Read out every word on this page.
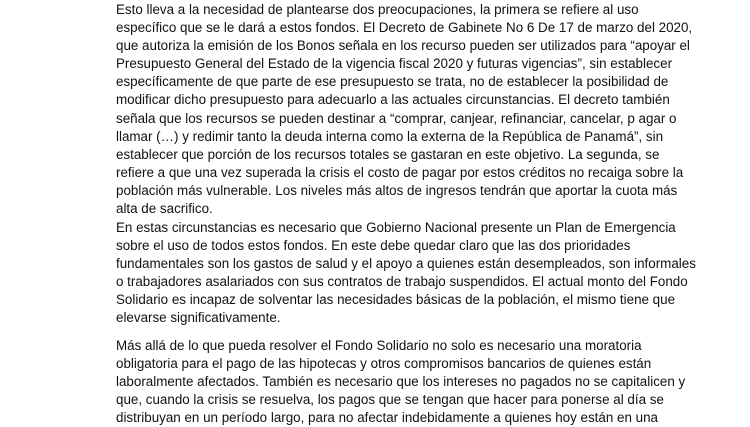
Esto lleva a la necesidad de plantearse dos preocupaciones, la primera se refiere al uso
específico que se le dará a estos fondos. El Decreto de Gabinete No 6 De 17 de marzo del 2020,
que autoriza la emisión de los Bonos señala en los recurso pueden ser utilizados para “apoyar el
Presupuesto General del Estado de la vigencia fiscal 2020 y futuras vigencias”, sin establecer
específicamente de que parte de ese presupuesto se trata, no de establecer la posibilidad de
modificar dicho presupuesto para adecuarlo a las actuales circunstancias. El decreto también
señala que los recursos se pueden destinar a “comprar, canjear, refinanciar, cancelar, p agar o
llamar (…) y redimir tanto la deuda interna como la externa de la República de Panamá”, sin
establecer que porción de los recursos totales se gastaran en este objetivo. La segunda, se
refiere a que una vez superada la crisis el costo de pagar por estos créditos no recaiga sobre la
población más vulnerable. Los niveles más altos de ingresos tendrán que aportar la cuota más
alta de sacrifico.

En estas circunstancias es necesario que Gobierno Nacional presente un Plan de Emergencia
sobre el uso de todos estos fondos. En este debe quedar claro que las dos prioridades
fundamentales son los gastos de salud y el apoyo a quienes están desempleados, son informales
o trabajadores asalariados con sus contratos de trabajo suspendidos. El actual monto del Fondo
Solidario es incapaz de solventar las necesidades básicas de la población, el mismo tiene que
elevarse significativamente.

Más allá de lo que pueda resolver el Fondo Solidario no solo es necesario una moratoria
obligatoria para el pago de las hipotecas y otros compromisos bancarios de quienes están
laboralmente afectados. También es necesario que los intereses no pagados no se capitalicen y
que, cuando la crisis se resuelva, los pagos que se tengan que hacer para ponerse al día se
distribuyan en un período largo, para no afectar indebidamente a quienes hoy están en una
